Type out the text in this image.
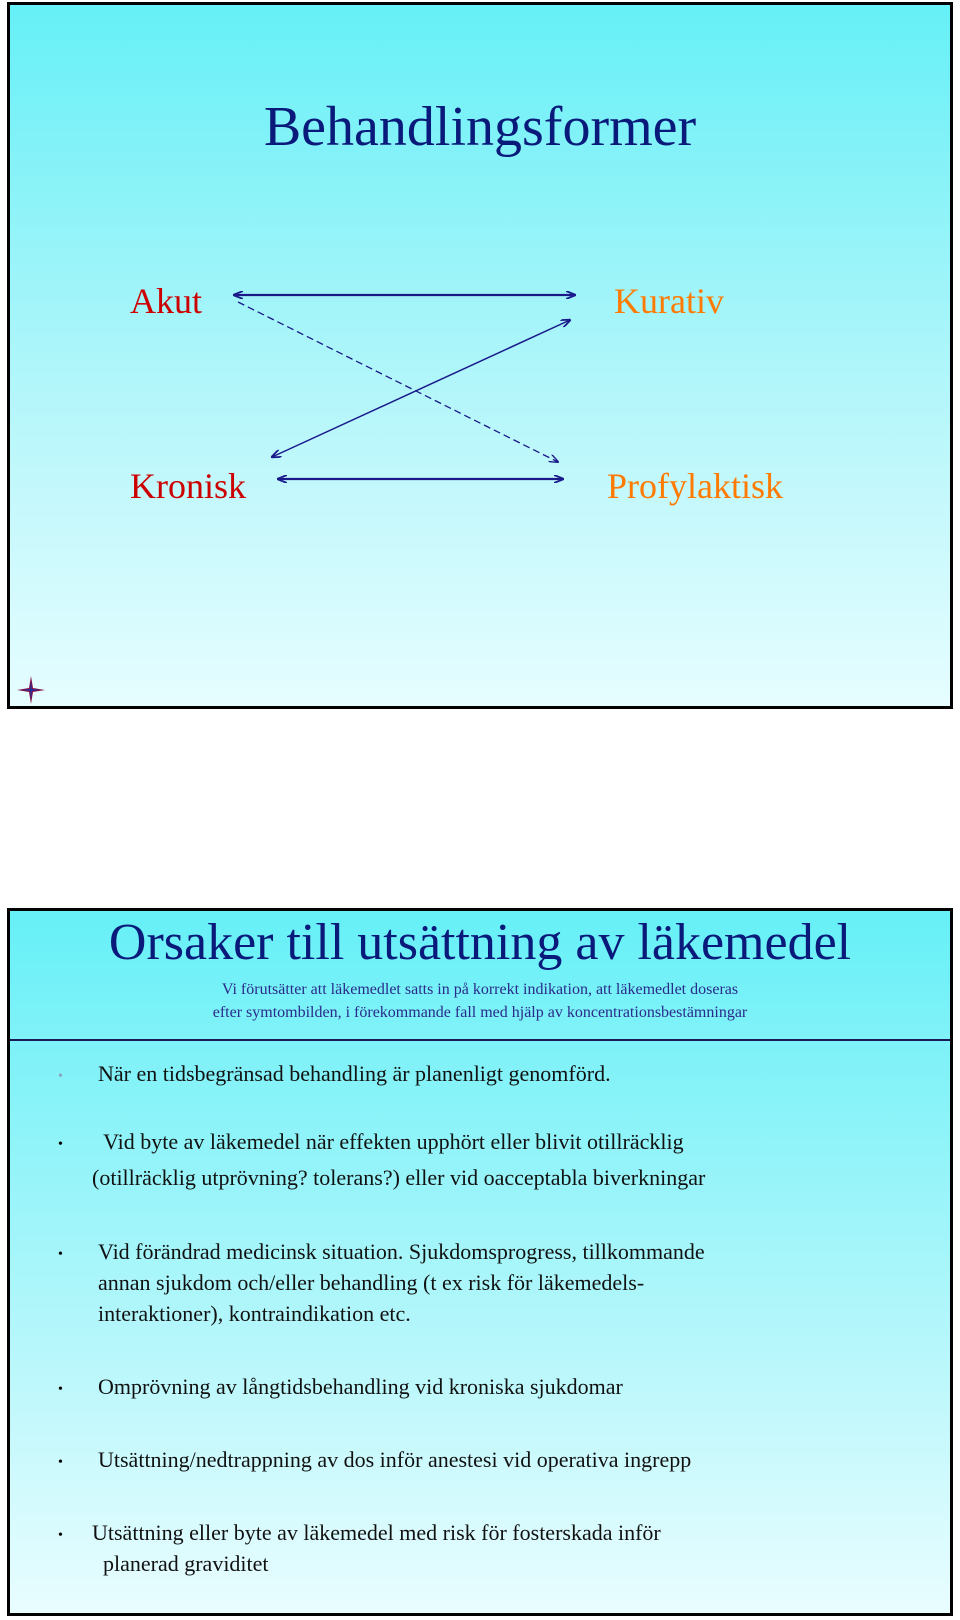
Behandlingsformer
Akut	Kurativ
Kronisk	Profylaktisk
Orsaker till utsättning av läkemedel
Vi förutsätter att läkemedlet satts in på korrekt indikation, att läkemedlet doseras
efter symtombilden, i förekommande fall med hjälp av koncentrationsbestämningar
• När en tidsbegränsad behandling är planenligt genomförd.
• Vid byte av läkemedel när effekten upphört eller blivit otillräcklig
(otillräcklig utprövning? tolerans?) eller vid oacceptabla biverkningar
• Vid förändrad medicinsk situation. Sjukdomsprogress, tillkommande
annan sjukdom och/eller behandling (t ex risk för läkemedels-
interaktioner), kontraindikation etc.
• Omprövning av långtidsbehandling vid kroniska sjukdomar
• Utsättning/nedtrappning av dos inför anestesi vid operativa ingrepp
• Utsättning eller byte av läkemedel med risk för fosterskada inför
planerad graviditet
